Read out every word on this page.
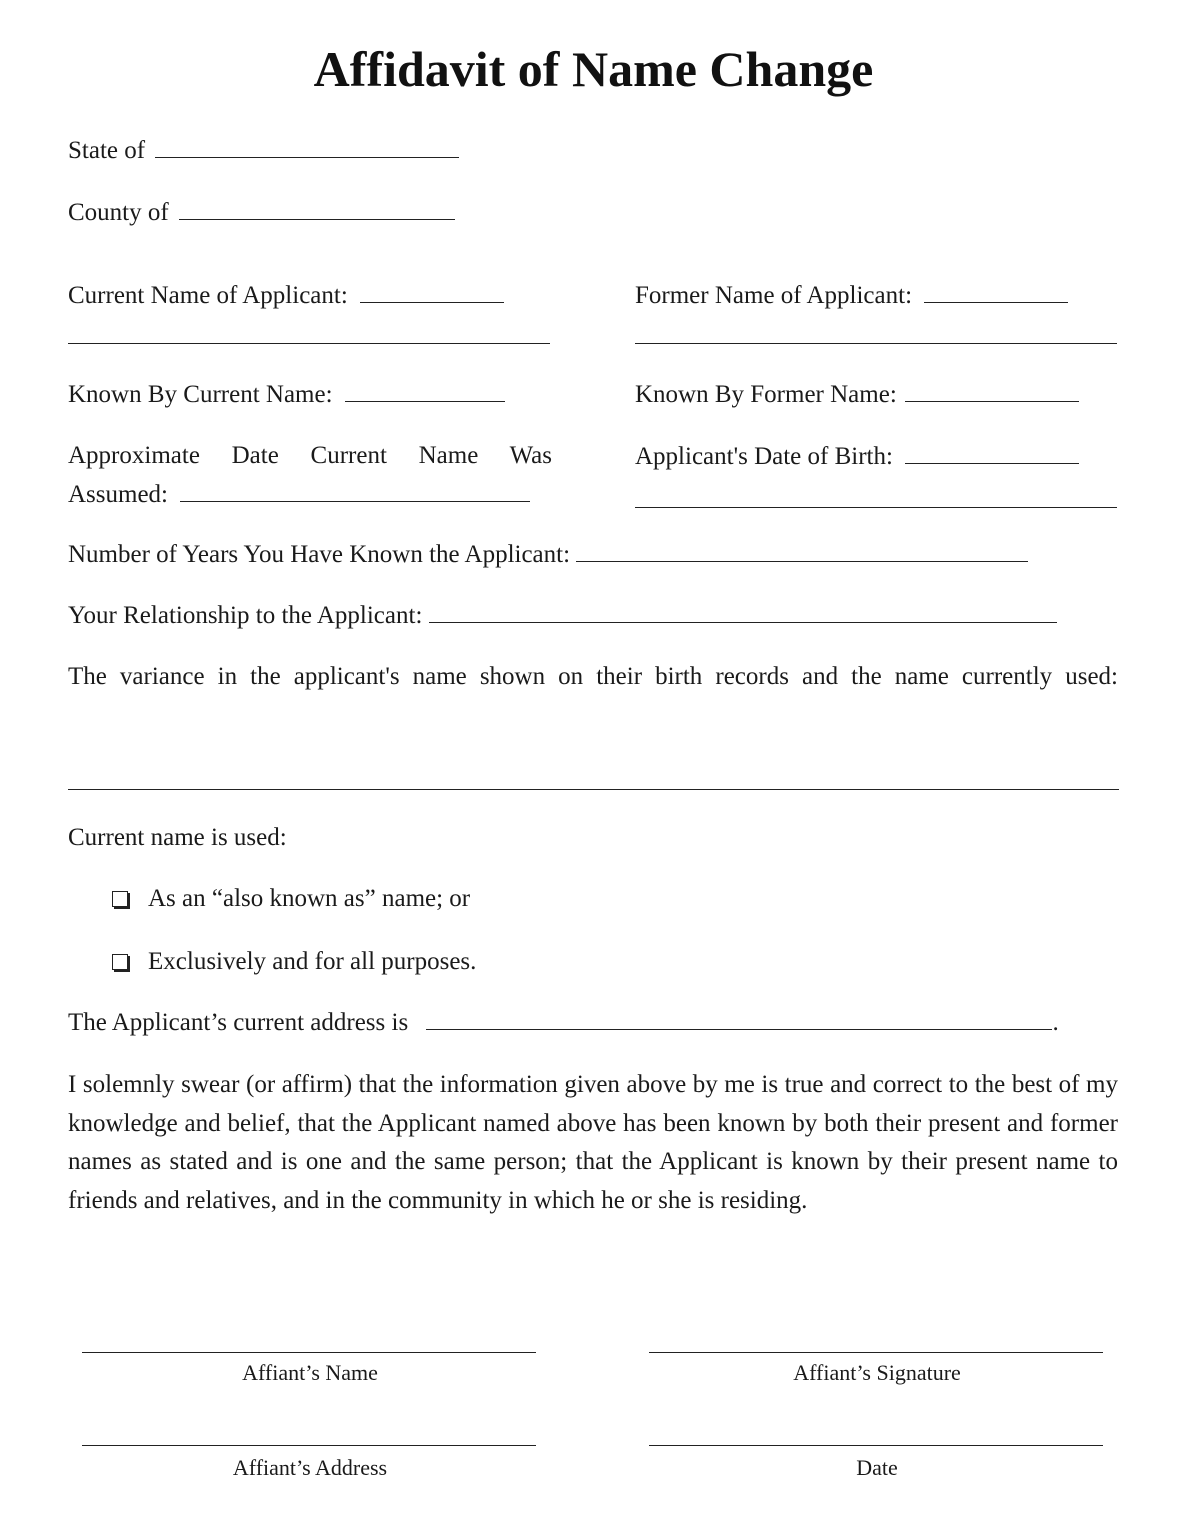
Affidavit of Name Change
State of
County of
Current Name of Applicant:	Former Name of Applicant:
Known By Current Name:	Known By Former Name:
Approximate Date Current Name Was
Assumed:
Applicant's Date of Birth:
Number of Years You Have Known the Applicant:
Your Relationship to the Applicant:
The variance in the applicant's name shown on their birth records and the name currently used:
Current name is used:
As an “also known as” name; or
Exclusively and for all purposes.
The Applicant’s current address is	.
I solemnly swear (or affirm) that the information given above by me is true and correct to the best of my knowledge and belief, that the Applicant named above has been known by both their present and former names as stated and is one and the same person; that the Applicant is known by their present name to friends and relatives, and in the community in which he or she is residing.
Affiant’s Name	Affiant’s Signature
Affiant’s Address	Date
